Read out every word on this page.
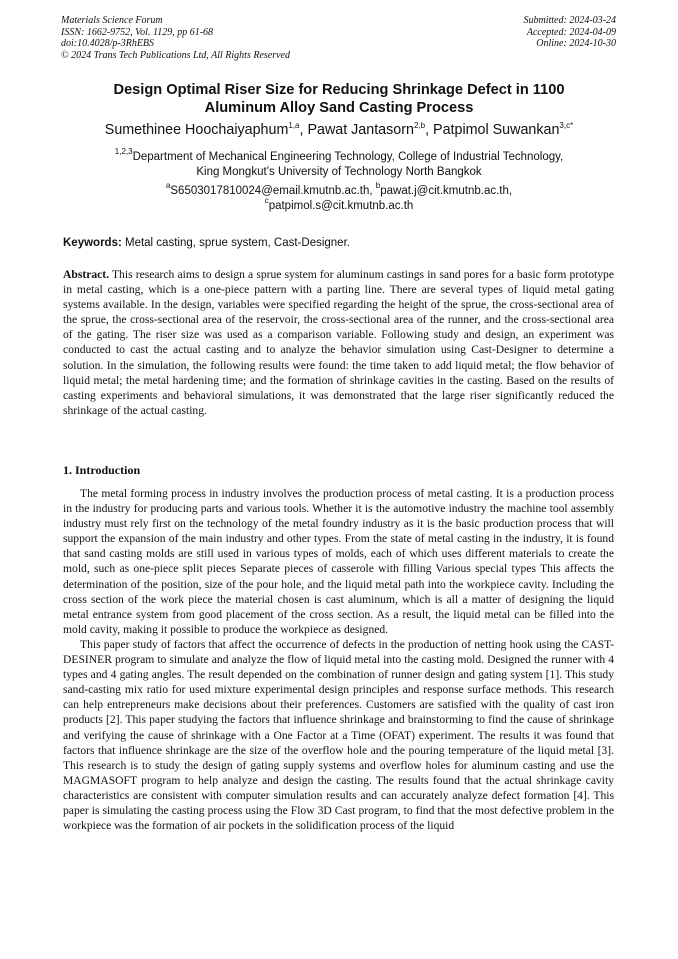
Materials Science Forum
ISSN: 1662-9752, Vol. 1129, pp 61-68
doi:10.4028/p-3RhEBS
© 2024 Trans Tech Publications Ltd, All Rights Reserved
Submitted: 2024-03-24
Accepted: 2024-04-09
Online: 2024-10-30
Design Optimal Riser Size for Reducing Shrinkage Defect in 1100
Aluminum Alloy Sand Casting Process
Sumethinee Hoochaiyaphum$^{1,a}$, Pawat Jantasorn$^{2,b}$, Patpimol Suwankan$^{3,c*}$
$^{1,2,3}$Department of Mechanical Engineering Technology, College of Industrial Technology,
King Mongkut’s University of Technology North Bangkok
$^a$S6503017810024@email.kmutnb.ac.th, $^b$pawat.j@cit.kmutnb.ac.th,
$^c$patpimol.s@cit.kmutnb.ac.th
Keywords: Metal casting, sprue system, Cast-Designer.
Abstract. This research aims to design a sprue system for aluminum castings in sand pores for a basic form prototype in metal casting, which is a one-piece pattern with a parting line. There are several types of liquid metal gating systems available. In the design, variables were specified regarding the height of the sprue, the cross-sectional area of the sprue, the cross-sectional area of the reservoir, the cross-sectional area of the runner, and the cross-sectional area of the gating. The riser size was used as a comparison variable. Following study and design, an experiment was conducted to cast the actual casting and to analyze the behavior simulation using Cast-Designer to determine a solution. In the simulation, the following results were found: the time taken to add liquid metal; the flow behavior of liquid metal; the metal hardening time; and the formation of shrinkage cavities in the casting. Based on the results of casting experiments and behavioral simulations, it was demonstrated that the large riser significantly reduced the shrinkage of the actual casting.
1. Introduction

The metal forming process in industry involves the production process of metal casting. It is a production process in the industry for producing parts and various tools. Whether it is the automotive industry the machine tool assembly industry must rely first on the technology of the metal foundry industry as it is the basic production process that will support the expansion of the main industry and other types. From the state of metal casting in the industry, it is found that sand casting molds are still used in various types of molds, each of which uses different materials to create the mold, such as one-piece split pieces Separate pieces of casserole with filling Various special types This affects the determination of the position, size of the pour hole, and the liquid metal path into the workpiece cavity. Including the cross section of the work piece the material chosen is cast aluminum, which is all a matter of designing the liquid metal entrance system from good placement of the cross section. As a result, the liquid metal can be filled into the mold cavity, making it possible to produce the workpiece as designed.

This paper study of factors that affect the occurrence of defects in the production of netting hook using the CAST-DESINER program to simulate and analyze the flow of liquid metal into the casting mold. Designed the runner with 4 types and 4 gating angles. The result depended on the combination of runner design and gating system [1]. This study sand-casting mix ratio for used mixture experimental design principles and response surface methods. This research can help entrepreneurs make decisions about their preferences. Customers are satisfied with the quality of cast iron products [2]. This paper studying the factors that influence shrinkage and brainstorming to find the cause of shrinkage and verifying the cause of shrinkage with a One Factor at a Time (OFAT) experiment. The results it was found that factors that influence shrinkage are the size of the overflow hole and the pouring temperature of the liquid metal [3]. This research is to study the design of gating supply systems and overflow holes for aluminum casting and use the MAGMASOFT program to help analyze and design the casting. The results found that the actual shrinkage cavity characteristics are consistent with computer simulation results and can accurately analyze defect formation [4]. This paper is simulating the casting process using the Flow 3D Cast program, to find that the most defective problem in the workpiece was the formation of air pockets in the solidification process of the liquid
